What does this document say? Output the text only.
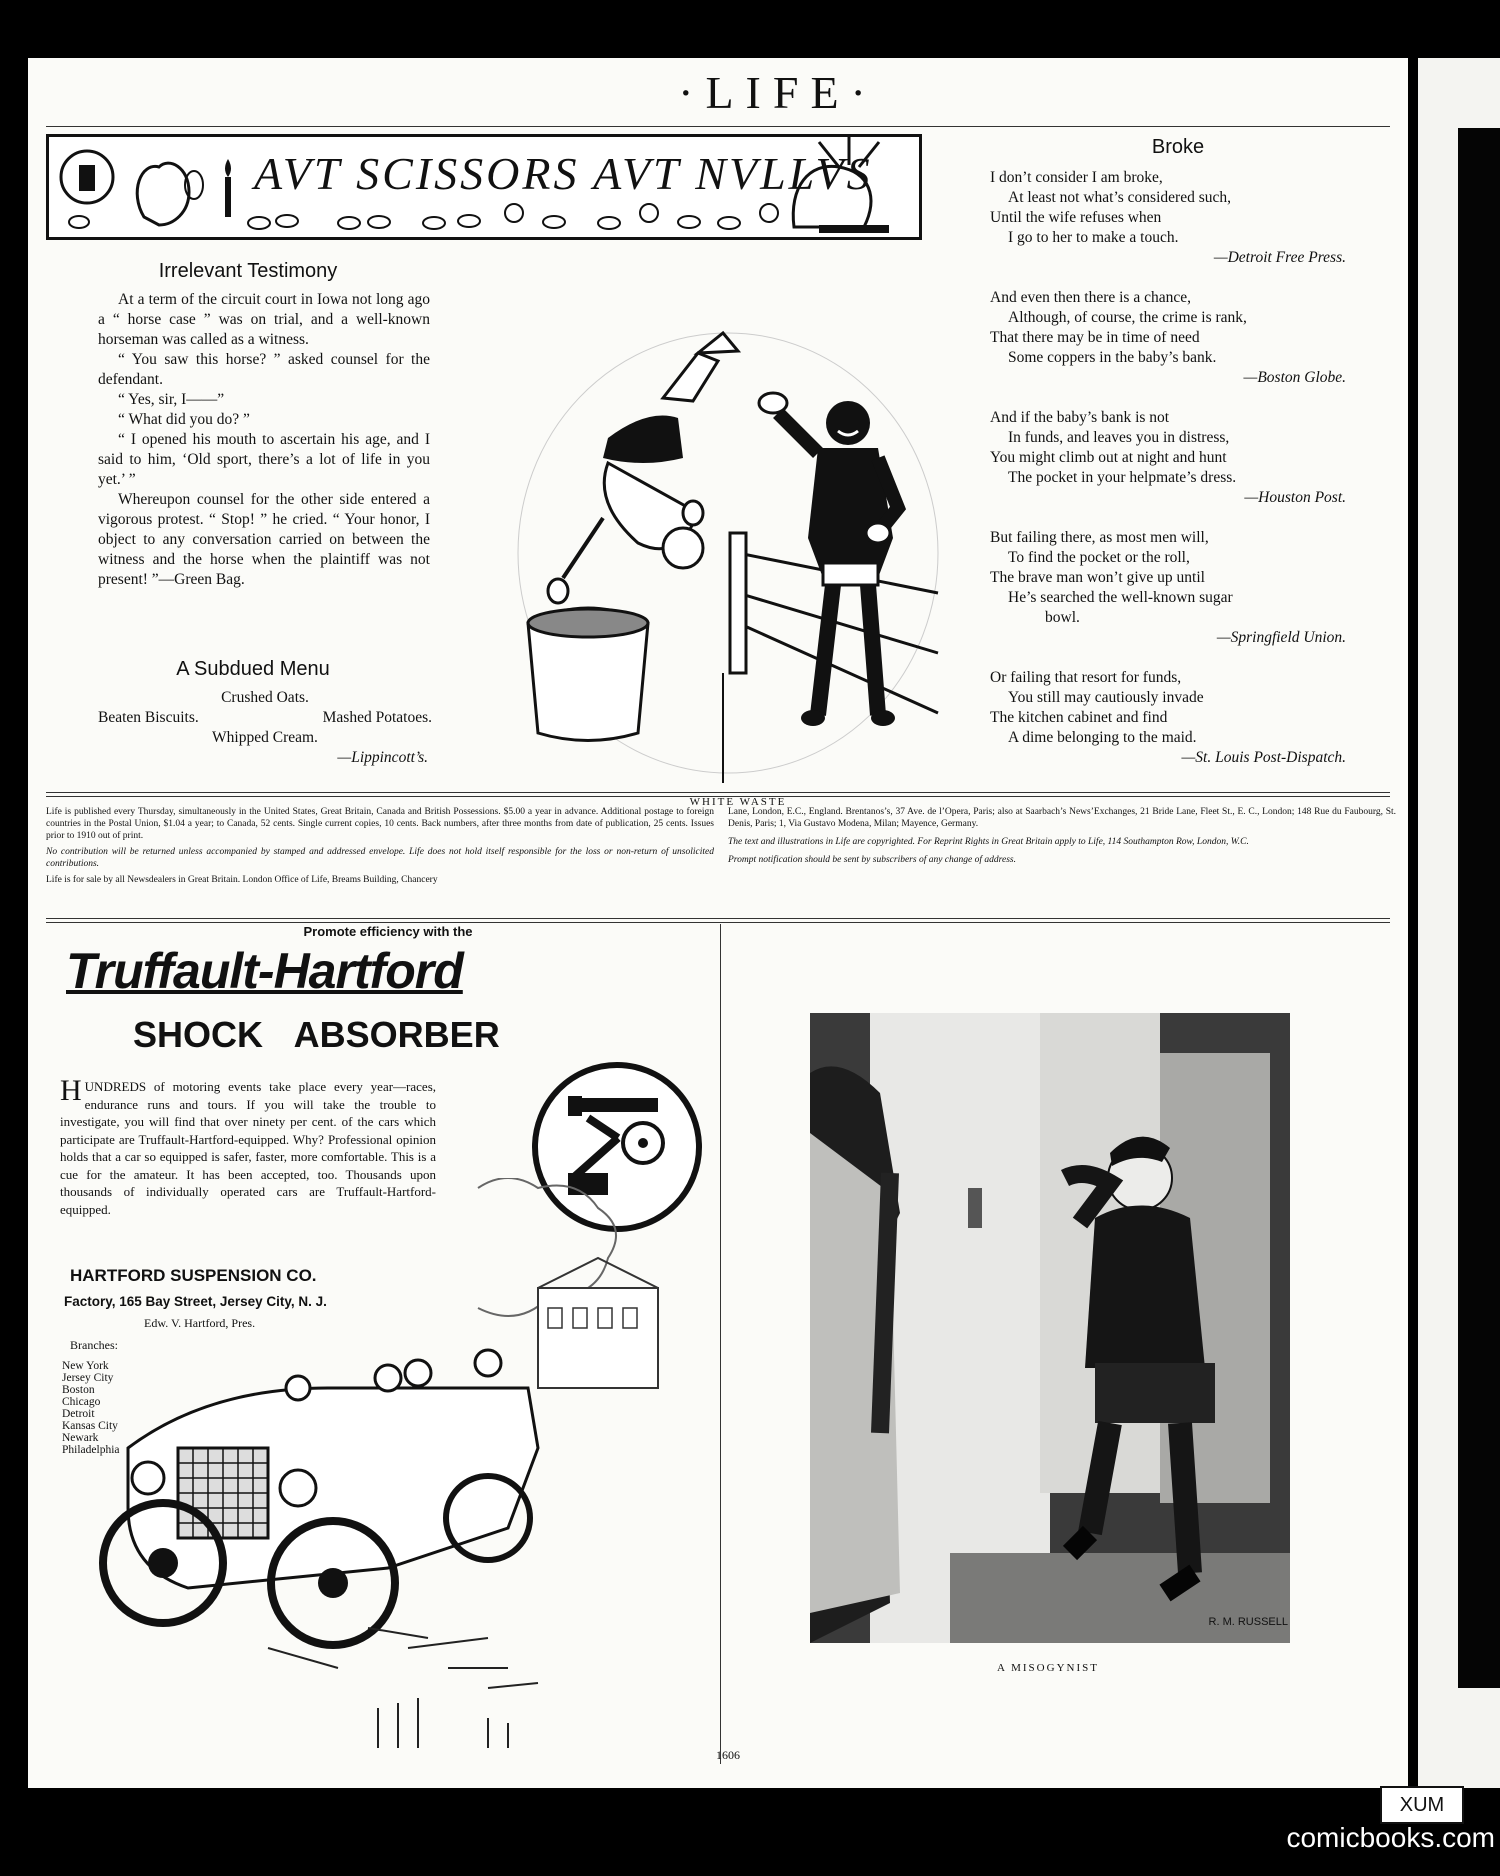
·LIFE·
AVT SCISSORS AVT NVLLVS
Irrelevant Testimony

At a term of the circuit court in Iowa not long ago a “ horse case ” was on trial, and a well-known horseman was called as a witness.

“ You saw this horse? ” asked counsel for the defendant.

“ Yes, sir, I——”

“ What did you do? ”

“ I opened his mouth to ascertain his age, and I said to him, ‘Old sport, there’s a lot of life in you yet.’ ”

Whereupon counsel for the other side entered a vigorous protest. “ Stop! ” he cried. “ Your honor, I object to any conversation carried on between the witness and the horse when the plaintiff was not present! ”—Green Bag.

A Subdued Menu
Crushed Oats.
Beaten Biscuits.	Mashed Potatoes.
Whipped Cream.
—Lippincott’s.
WHITE WASTE
Broke
I don’t consider I am broke,
At least not what’s considered such,
Until the wife refuses when
I go to her to make a touch.
—Detroit Free Press.
And even then there is a chance,
Although, of course, the crime is rank,
That there may be in time of need
Some coppers in the baby’s bank.
—Boston Globe.
And if the baby’s bank is not
In funds, and leaves you in distress,
You might climb out at night and hunt
The pocket in your helpmate’s dress.
—Houston Post.
But failing there, as most men will,
To find the pocket or the roll,
The brave man won’t give up until
He’s searched the well-known sugar
bowl.
—Springfield Union.
Or failing that resort for funds,
You still may cautiously invade
The kitchen cabinet and find
A dime belonging to the maid.
—St. Louis Post-Dispatch.
Life is published every Thursday, simultaneously in the United States, Great Britain, Canada and British Possessions. $5.00 a year in advance. Additional postage to foreign countries in the Postal Union, $1.04 a year; to Canada, 52 cents. Single current copies, 10 cents. Back numbers, after three months from date of publication, 25 cents. Issues prior to 1910 out of print.
No contribution will be returned unless accompanied by stamped and addressed envelope. Life does not hold itself responsible for the loss or non-return of unsolicited contributions.
Life is for sale by all Newsdealers in Great Britain. London Office of Life, Breams Building, Chancery
Lane, London, E.C., England. Brentanos’s, 37 Ave. de l’Opera, Paris; also at Saarbach’s News’Exchanges, 21 Bride Lane, Fleet St., E. C., London; 148 Rue du Faubourg, St. Denis, Paris; 1, Via Gustavo Modena, Milan; Mayence, Germany.
The text and illustrations in Life are copyrighted. For Reprint Rights in Great Britain apply to Life, 114 Southampton Row, London, W.C.
Prompt notification should be sent by subscribers of any change of address.
Promote efficiency with the
Truffault-Hartford
SHOCK ABSORBER
H UNDREDS of motoring events take place every year—races, endurance runs and tours. If you will take the trouble to investigate, you will find that over ninety per cent. of the cars which participate are Truffault-Hartford-equipped. Why? Professional opinion holds that a car so equipped is safer, faster, more comfortable. This is a cue for the amateur. It has been accepted, too. Thousands upon thousands of individually operated cars are Truffault-Hartford-equipped.
HARTFORD SUSPENSION CO.
Factory, 165 Bay Street, Jersey City, N. J.
Edw. V. Hartford, Pres.
Branches:
New York
Jersey City
Boston
Chicago
Detroit
Kansas City
Newark
Philadelphia
R. M. RUSSELL
A MISOGYNIST
1606
XUM
comicbooks.com
